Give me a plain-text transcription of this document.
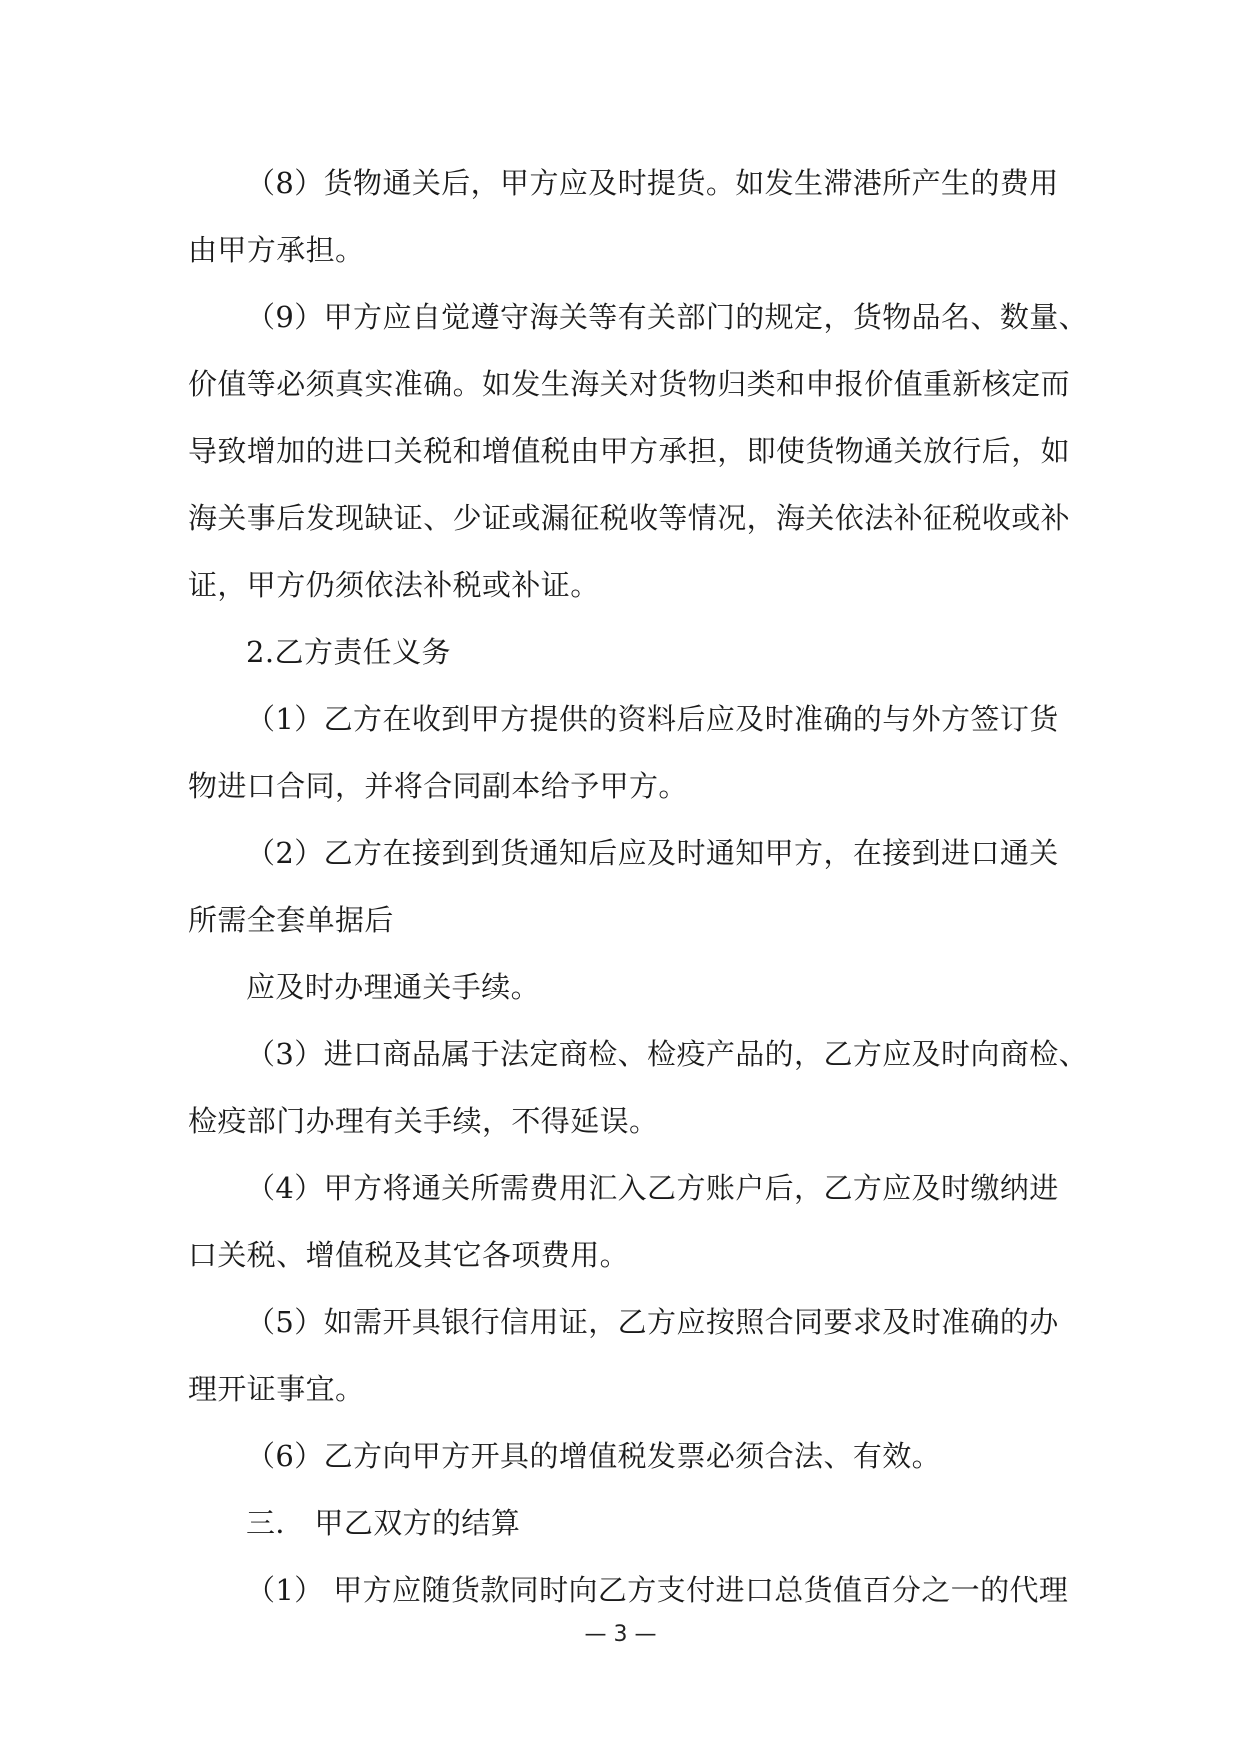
（8）货物通关后，甲方应及时提货。如发生滞港所产生的费用
由甲方承担。
（9）甲方应自觉遵守海关等有关部门的规定，货物品名、数量、
价值等必须真实准确。如发生海关对货物归类和申报价值重新核定而
导致增加的进口关税和增值税由甲方承担，即使货物通关放行后，如
海关事后发现缺证、少证或漏征税收等情况，海关依法补征税收或补
证，甲方仍须依法补税或补证。
2.乙方责任义务
（1）乙方在收到甲方提供的资料后应及时准确的与外方签订货
物进口合同，并将合同副本给予甲方。
（2）乙方在接到到货通知后应及时通知甲方，在接到进口通关
所需全套单据后
应及时办理通关手续。
（3）进口商品属于法定商检、检疫产品的，乙方应及时向商检、
检疫部门办理有关手续，不得延误。
（4）甲方将通关所需费用汇入乙方账户后，乙方应及时缴纳进
口关税、增值税及其它各项费用。
（5）如需开具银行信用证，乙方应按照合同要求及时准确的办
理开证事宜。
（6）乙方向甲方开具的增值税发票必须合法、有效。
三． 甲乙双方的结算
（1） 甲方应随货款同时向乙方支付进口总货值百分之一的代理
— 3 —
